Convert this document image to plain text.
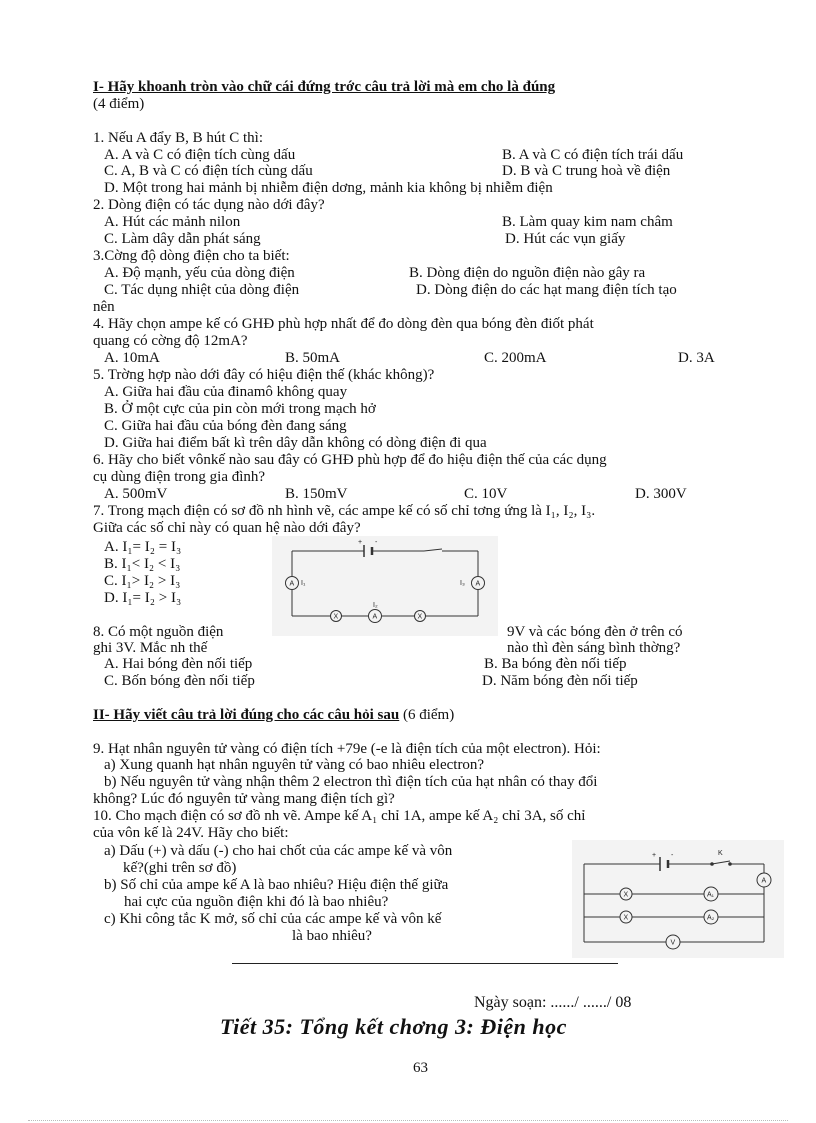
I- Hãy khoanh tròn vào chữ cái đứng trớc câu trả lời mà em cho là đúng
(4 điểm)
1. Nếu A đẩy B, B hút C thì:
A. A và C có điện tích cùng dấu	B. A và C có điện tích trái dấu
C. A, B và C có điện tích cùng dấu	D. B và C trung hoà về điện
D. Một trong hai mảnh bị nhiễm điện dơng, mảnh kia không bị nhiễm điện
2. Dòng điện có tác dụng nào dới đây?
A. Hút các mảnh nilon	B. Làm quay kim nam châm
C. Làm dây dẫn phát sáng	D. Hút các vụn giấy
3.Cờng độ dòng điện cho ta biết:
A. Độ mạnh, yếu của dòng điện	B. Dòng điện do nguồn điện nào gây ra
C. Tác dụng nhiệt của dòng điện	D. Dòng điện do các hạt mang điện tích tạo
nên
4. Hãy chọn ampe kế có GHĐ phù hợp nhất để đo dòng đèn qua bóng đèn điốt phát
quang có cờng độ 12mA?
A. 10mA	B. 50mA	C. 200mA	D. 3A
5. Trờng hợp nào dới đây có hiệu điện thế (khác không)?
A. Giữa hai đầu của đinamô không quay
B. Ở một cực của pin còn mới trong mạch hở
C. Giữa hai đầu của bóng đèn đang sáng
D. Giữa hai điểm bất kì trên dây dẫn không có dòng điện đi qua
6. Hãy cho biết vônkế nào sau đây có GHĐ phù hợp để đo hiệu điện thế của các dụng
cụ dùng điện trong gia đình?
A. 500mV	B. 150mV	C. 10V	D. 300V
7. Trong mạch điện có sơ đồ nh hình vẽ, các ampe kế có số chỉ tơng ứng là I₁, I₂, I₃.
Giữa các số chỉ này có quan hệ nào dới đây?
A. I₁= I₂ = I₃
B. I₁< I₂ < I₃
C. I₁> I₂ > I₃
D. I₁= I₂ > I₃
+ -
A I₁	A
I₃
A
I₂
X	X
8. Có một nguồn điện	9V và các bóng đèn ở trên có
ghi 3V. Mắc nh thế	nào thì đèn sáng bình thờng?
A. Hai bóng đèn nối tiếp	B. Ba bóng đèn nối tiếp
C. Bốn bóng đèn nối tiếp	D. Năm bóng đèn nối tiếp
II- Hãy viết câu trả lời đúng cho các câu hỏi sau (6 điểm)
9. Hạt nhân nguyên tử vàng có điện tích +79e (-e là điện tích của một electron). Hỏi:
a) Xung quanh hạt nhân nguyên tử vàng có bao nhiêu electron?
b) Nếu nguyên tử vàng nhận thêm 2 electron thì điện tích của hạt nhân có thay đổi
không? Lúc đó nguyên tử vàng mang điện tích gì?
10. Cho mạch điện có sơ đồ nh vẽ. Ampe kế A₁ chỉ 1A, ampe kế A₂ chỉ 3A, số chỉ
của vôn kế là 24V. Hãy cho biết:
a) Dấu (+) và dấu (-) cho hai chốt của các ampe kế và vôn
kế?(ghi trên sơ đồ)
b) Số chỉ của ampe kế A là bao nhiêu? Hiệu điện thế giữa
hai cực của nguồn điện khi đó là bao nhiêu?
c) Khi công tắc K mở, số chỉ của các ampe kế và vôn kế
là bao nhiêu?
+ -	K
A
X
X
A₁
A₂
V
Ngày soạn: ....../ ....../ 08
Tiết 35: Tổng kết chơng 3: Điện học
63
